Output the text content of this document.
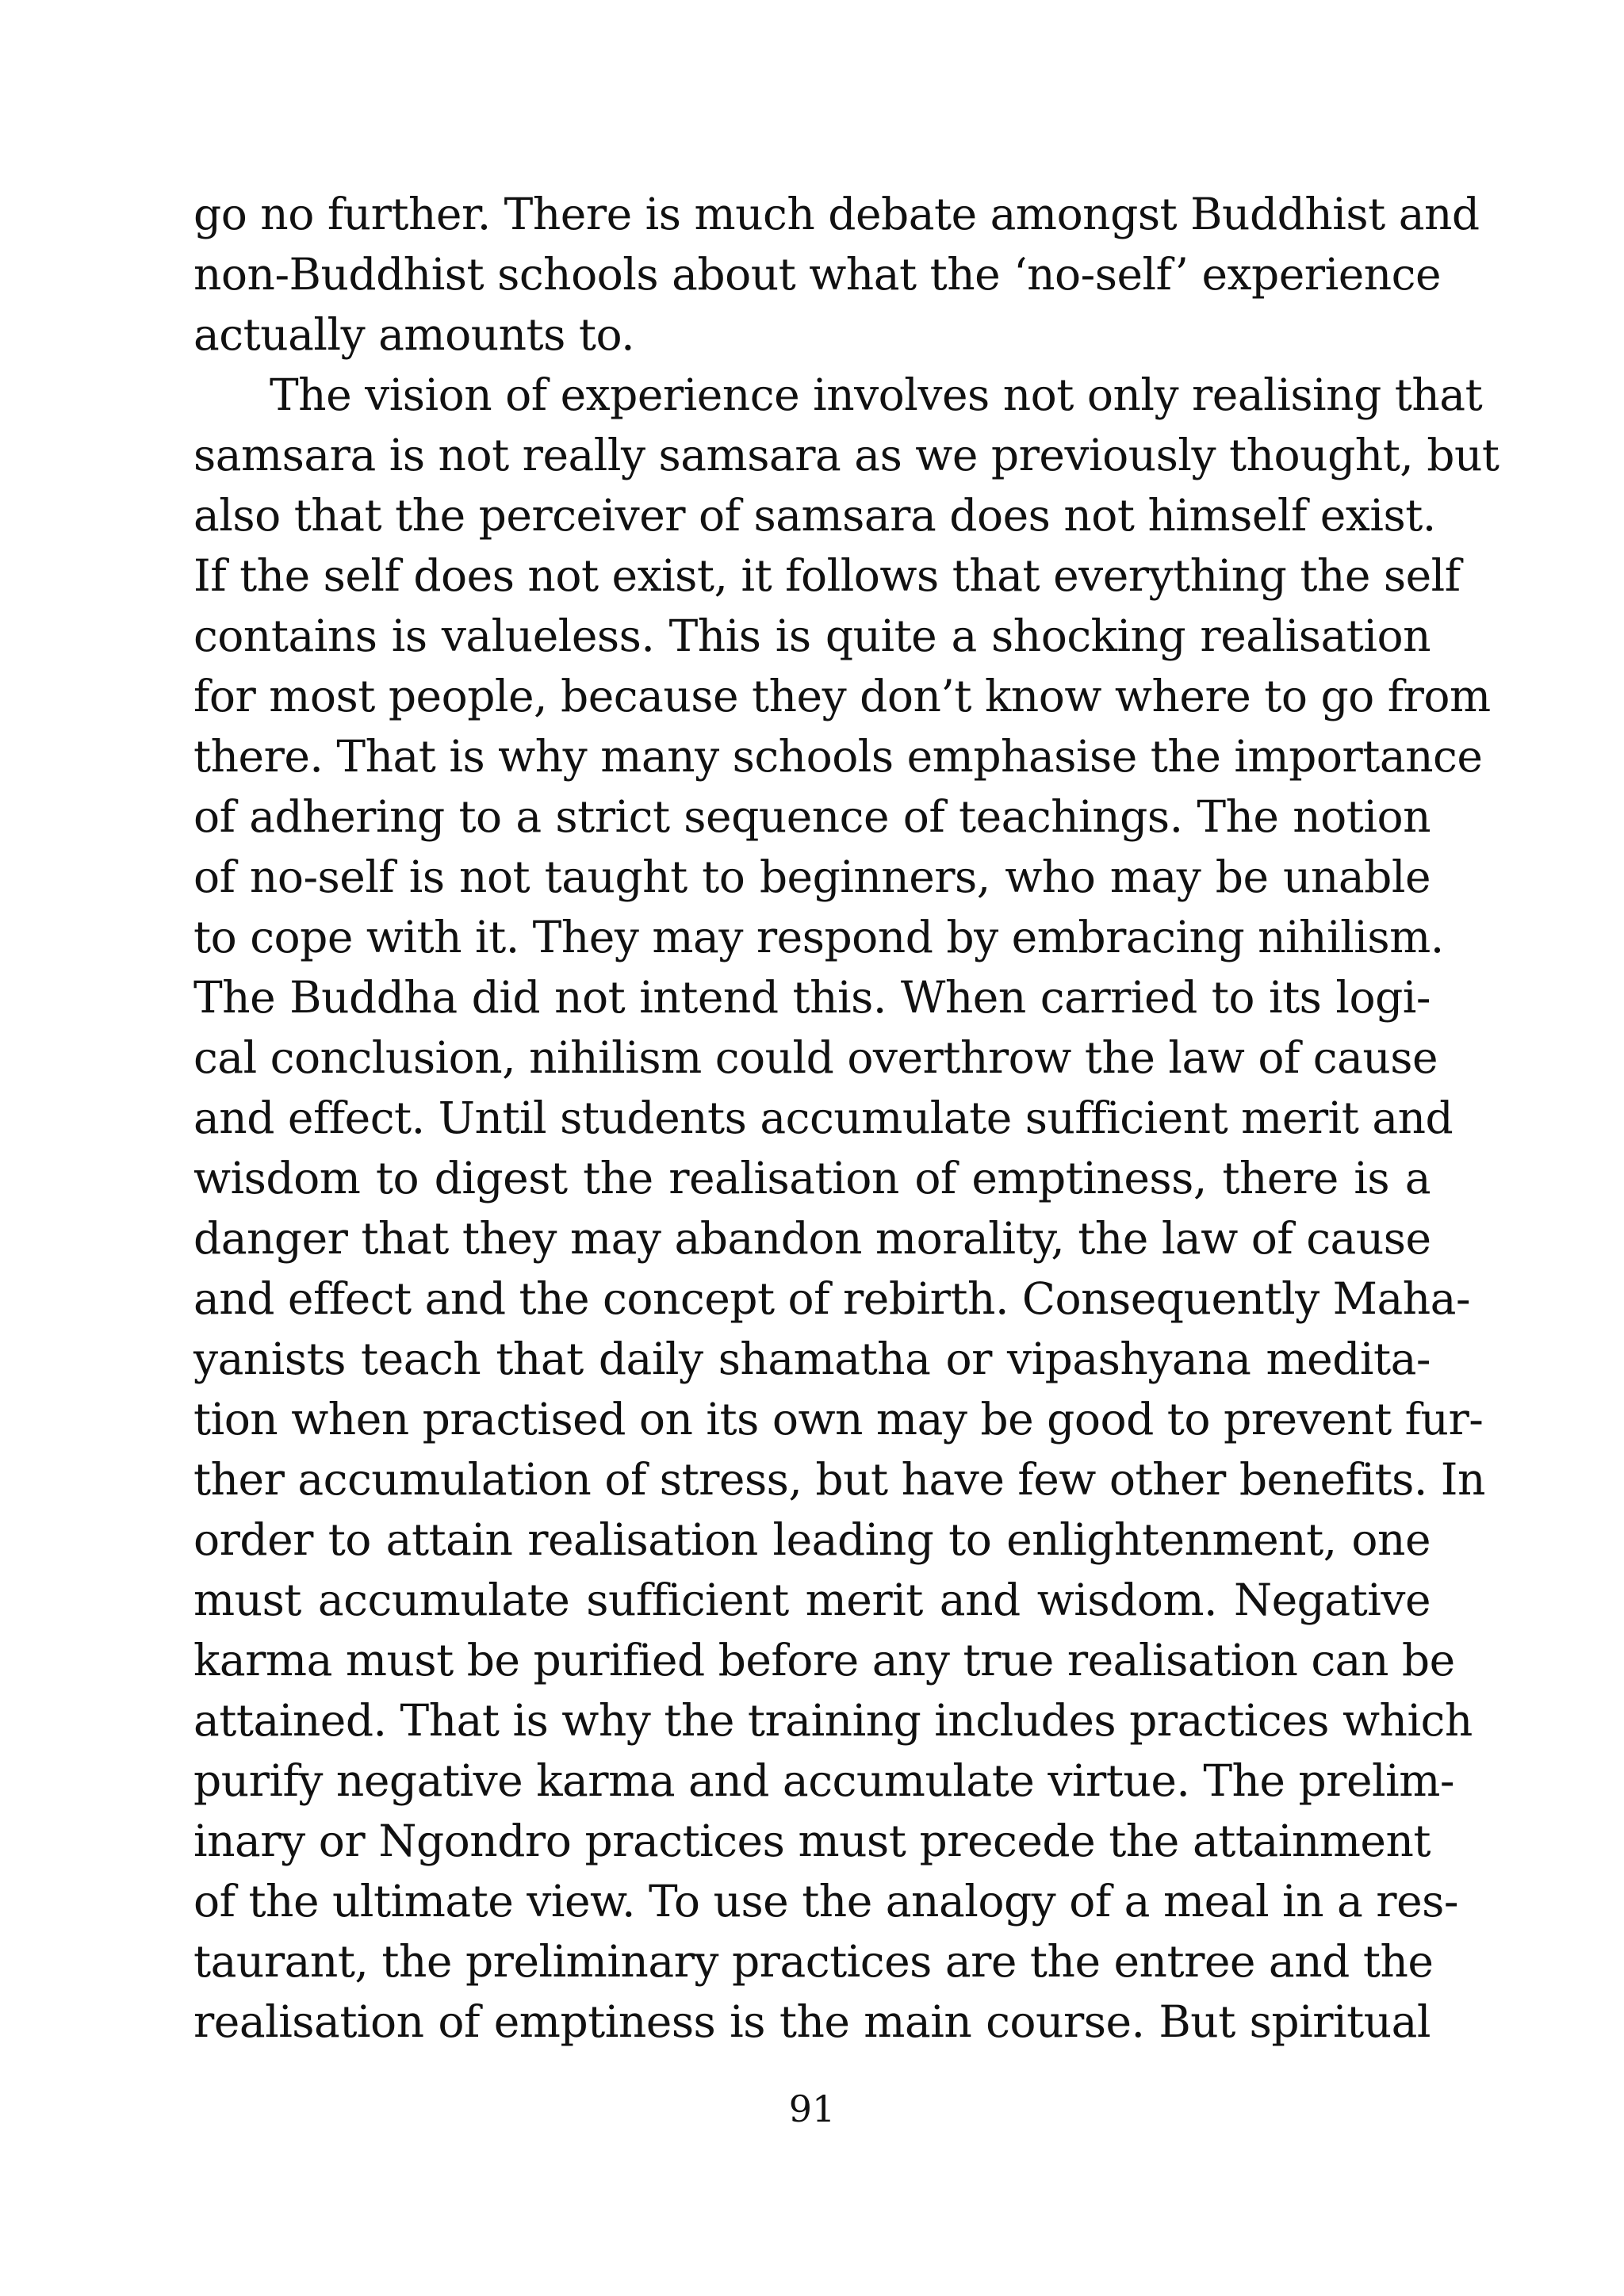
go no further. There is much debate amongst Buddhist and
non-Buddhist schools about what the ‘no-self’ experience
actually amounts to.
The vision of experience involves not only realising that
samsara is not really samsara as we previously thought, but
also that the perceiver of samsara does not himself exist.
If the self does not exist, it follows that everything the self
contains is valueless. This is quite a shocking realisation
for most people, because they don’t know where to go from
there. That is why many schools emphasise the importance
of adhering to a strict sequence of teachings. The notion
of no-self is not taught to beginners, who may be unable
to cope with it. They may respond by embracing nihilism.
The Buddha did not intend this. When carried to its logi-
cal conclusion, nihilism could overthrow the law of cause
and effect. Until students accumulate sufficient merit and
wisdom to digest the realisation of emptiness, there is a
danger that they may abandon morality, the law of cause
and effect and the concept of rebirth. Consequently Maha-
yanists teach that daily shamatha or vipashyana medita-
tion when practised on its own may be good to prevent fur-
ther accumulation of stress, but have few other benefits. In
order to attain realisation leading to enlightenment, one
must accumulate sufficient merit and wisdom. Negative
karma must be purified before any true realisation can be
attained. That is why the training includes practices which
purify negative karma and accumulate virtue. The prelim-
inary or Ngondro practices must precede the attainment
of the ultimate view. To use the analogy of a meal in a res-
taurant, the preliminary practices are the entree and the
realisation of emptiness is the main course. But spiritual
91
